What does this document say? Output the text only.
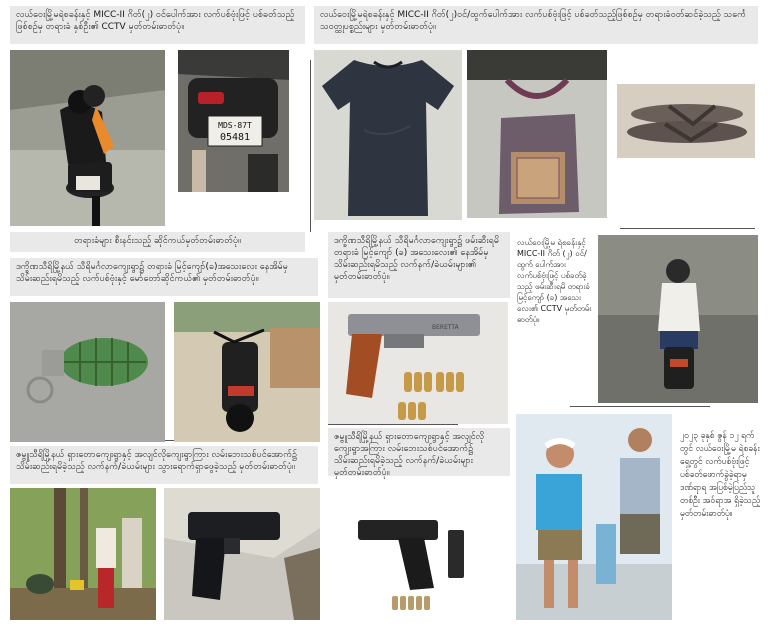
လယ်ဝေးမြို့မရဲစခန်းနှင့် MICC-II ဂိတ်(၂) ဝင်ပေါက်အား လက်ပစ်ဗုံးဖြင့် ပစ်ခတ်သည့်ဖြစ်စဉ်မှ တရားခံ နှစ်ဦး၏ CCTV မှတ်တမ်းဓာတ်ပုံ။
လယ်ဝေးမြို့မရဲစခန်းနှင့် MICC-II ဂိတ်(၂)ဝင်/ထွက်ပေါက်အား လက်ပစ်ဗုံးဖြင့် ပစ်ခတ်သည့်ဖြစ်စဉ်မှ တရားခံဝတ်ဆင်ခဲ့သည့် သင်္ကေသဝတ္ထုပစ္စည်းများ မှတ်တမ်းဓာတ်ပုံ။
တရားခံများ စီးနင်းသည့် ဆိုင်ကယ်မှတ်တမ်းဓာတ်ပုံ။
ဒက္ခိဏသီရိမြို့နယ် သီရိမင်္ဂလာကျေးရွာ၌ တရားခံ မြင့်ကျော်(ခ)အသေးလေး နေအိမ်မှ သိမ်းဆည်းရမိသည့် လက်ပစ်ဗုံးနှင့် မော်တော်ဆိုင်ကယ်၏ မှတ်တမ်းဓာတ်ပုံ။
ဒက္ခိဏသီရိမြို့နယ် သီရိမင်္ဂလာကျေးရွာ၌ ဖမ်းဆီးရမိ တရားခံ မြင့်ကျော် (ခ) အသေးလေး၏ နေအိမ်မှ သိမ်းဆည်းရမိသည့် လက်နက်/ခဲယမ်းများ၏ မှတ်တမ်းဓာတ်ပုံ။
လယ်ဝေးမြို့မ ရဲစခန်းနှင့် MICC-II ဂိတ် (၂) ဝင်/ထွက် ပေါက်အား လက်ပစ်ဗုံးဖြင့် ပစ်ခတ်ခဲ့သည့် ဖမ်းဆီးရမိ တရားခံ မြင့်ကျော် (ခ) အသေးလေး၏ CCTV မှတ်တမ်း ဓာတ်ပုံ။
ဇမ္ဗူသီရိမြို့နယ် ရှားတောကျေးရွာနှင့် အလျင်လိုကျေးရွာကြား လမ်းဘေးသစ်ပင်အောက်၌ သိမ်းဆည်းရမိခဲ့သည့် လက်နက်/ခဲယမ်းများ သွားရောက်ရှာဖွေခဲ့သည့် မှတ်တမ်းဓာတ်ပုံ။
ဇမ္ဗူသီရိမြို့နယ် ရှားတောကျေးရွာနှင့် အလျင်လိုကျေးရွာအကြား လမ်းဘေးသစ်ပင်အောက်၌ သိမ်းဆည်းရမိခဲ့သည့် လက်နက်/ခဲယမ်းများ မှတ်တမ်းဓာတ်ပုံ။
၂၀၂၃ ခုနှစ် ဇွန် ၁၂ ရက်တွင် လယ်ဝေးမြို့မ ရဲစခန်းရှေ့တွင် လက်ပစ်ဗုံးဖြင့် ပစ်ခတ်ဖောက်ခွဲခဲ့ရာမှ ဒဏ်ရာရ အပြစ်မဲ့ပြည်သူ တစ်ဦး အဝ်ရာအ ရှိခဲ့သည့် မှတ်တမ်းဓာတ်ပုံ။
MDS-87T
05481
BERETTA
